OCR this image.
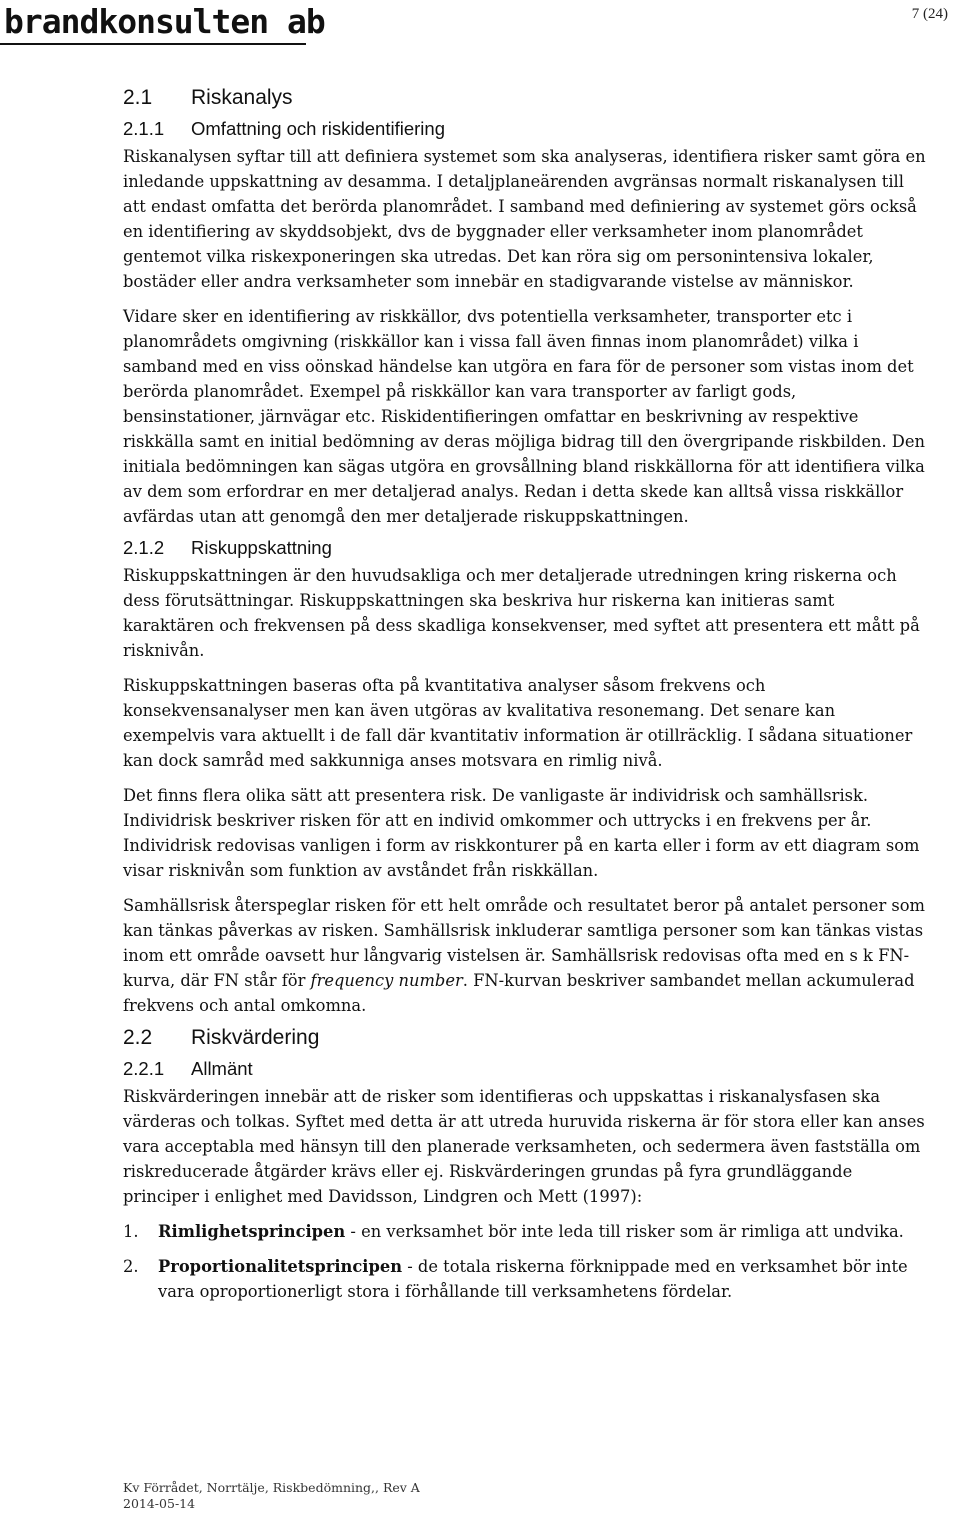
brandkonsulten ab	7 (24)
2.1 Riskanalys
2.1.1 Omfattning och riskidentifiering

Riskanalysen syftar till att definiera systemet som ska analyseras, identifiera risker samt göra en inledande uppskattning av desamma. I detaljplaneärenden avgränsas normalt riskanalysen till att endast omfatta det berörda planområdet. I samband med definiering av systemet görs också en identifiering av skyddsobjekt, dvs de byggnader eller verksamheter inom planområdet gentemot vilka riskexponeringen ska utredas. Det kan röra sig om personintensiva lokaler, bostäder eller andra verksamheter som innebär en stadigvarande vistelse av människor.

Vidare sker en identifiering av riskkällor, dvs potentiella verksamheter, transporter etc i planområdets omgivning (riskkällor kan i vissa fall även finnas inom planområdet) vilka i samband med en viss oönskad händelse kan utgöra en fara för de personer som vistas inom det berörda planområdet. Exempel på riskkällor kan vara transporter av farligt gods, bensinstationer, järnvägar etc. Riskidentifieringen omfattar en beskrivning av respektive riskkälla samt en initial bedömning av deras möjliga bidrag till den övergripande riskbilden. Den initiala bedömningen kan sägas utgöra en grovsållning bland riskkällorna för att identifiera vilka av dem som erfordrar en mer detaljerad analys. Redan i detta skede kan alltså vissa riskkällor avfärdas utan att genomgå den mer detaljerade riskuppskattningen.

2.1.2 Riskuppskattning

Riskuppskattningen är den huvudsakliga och mer detaljerade utredningen kring riskerna och dess förutsättningar. Riskuppskattningen ska beskriva hur riskerna kan initieras samt karaktären och frekvensen på dess skadliga konsekvenser, med syftet att presentera ett mått på risknivån.

Riskuppskattningen baseras ofta på kvantitativa analyser såsom frekvens och konsekvensanalyser men kan även utgöras av kvalitativa resonemang. Det senare kan exempelvis vara aktuellt i de fall där kvantitativ information är otillräcklig. I sådana situationer kan dock samråd med sakkunniga anses motsvara en rimlig nivå.

Det finns flera olika sätt att presentera risk. De vanligaste är individrisk och samhällsrisk. Individrisk beskriver risken för att en individ omkommer och uttrycks i en frekvens per år. Individrisk redovisas vanligen i form av riskkonturer på en karta eller i form av ett diagram som visar risknivån som funktion av avståndet från riskkällan.

Samhällsrisk återspeglar risken för ett helt område och resultatet beror på antalet personer som kan tänkas påverkas av risken. Samhällsrisk inkluderar samtliga personer som kan tänkas vistas inom ett område oavsett hur långvarig vistelsen är. Samhällsrisk redovisas ofta med en s k FN-kurva, där FN står för frequency number. FN-kurvan beskriver sambandet mellan ackumulerad frekvens och antal omkomna.

2.2 Riskvärdering
2.2.1 Allmänt

Riskvärderingen innebär att de risker som identifieras och uppskattas i riskanalysfasen ska värderas och tolkas. Syftet med detta är att utreda huruvida riskerna är för stora eller kan anses vara acceptabla med hänsyn till den planerade verksamheten, och sedermera även fastställa om riskreducerade åtgärder krävs eller ej. Riskvärderingen grundas på fyra grundläggande principer i enlighet med Davidsson, Lindgren och Mett (1997):

1.	Rimlighetsprincipen - en verksamhet bör inte leda till risker som är rimliga att undvika.
2.	Proportionalitetsprincipen - de totala riskerna förknippade med en verksamhet bör inte vara oproportionerligt stora i förhållande till verksamhetens fördelar.
Kv Förrådet, Norrtälje, Riskbedömning,, Rev A
2014-05-14
